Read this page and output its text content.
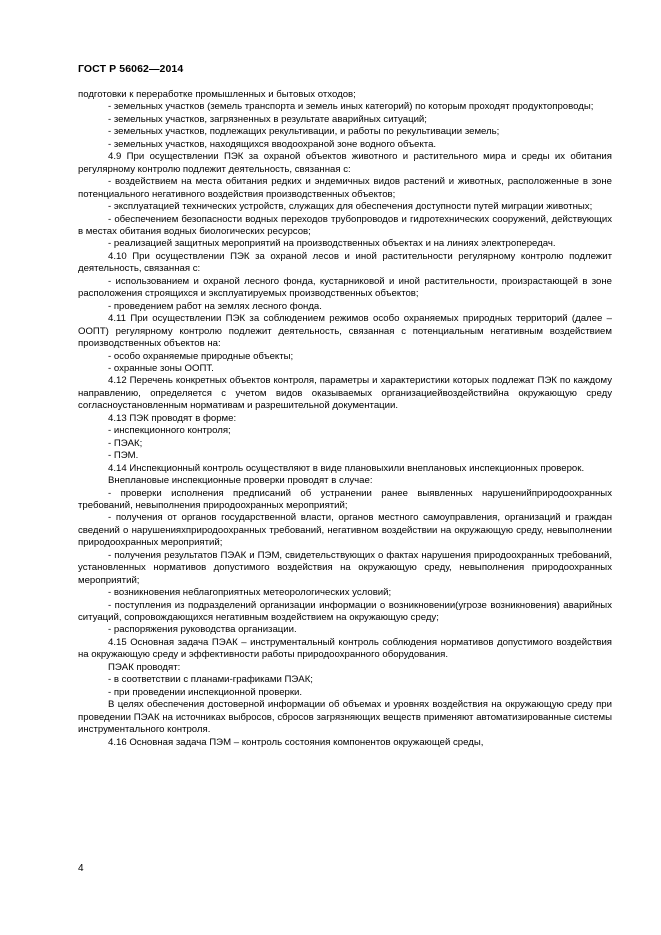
ГОСТ Р 56062—2014

подготовки к переработке промышленных и бытовых отходов;

- земельных участков (земель транспорта и земель иных категорий) по которым проходят продуктопроводы;

- земельных участков, загрязненных в результате аварийных ситуаций;

- земельных участков, подлежащих рекультивации, и работы по рекультивации земель;

- земельных участков, находящихся вводоохраной зоне водного объекта.

4.9 При осуществлении ПЭК за охраной объектов животного и растительного мира и среды их обитания регулярному контролю подлежит деятельность, связанная с:

- воздействием на места обитания редких и эндемичных видов растений и животных, расположенные в зоне потенциального негативного воздействия производственных объектов;

- эксплуатацией технических устройств, служащих для обеспечения доступности путей миграции животных;

- обеспечением безопасности водных переходов трубопроводов и гидротехнических сооружений, действующих в местах обитания водных биологических ресурсов;

- реализацией защитных мероприятий на производственных объектах и на линиях электропередач.

4.10 При осуществлении ПЭК за охраной лесов и иной растительности регулярному контролю подлежит деятельность, связанная с:

- использованием и охраной лесного фонда, кустарниковой и иной растительности, произрастающей в зоне расположения строящихся и эксплуатируемых производственных объектов;

- проведением работ на землях лесного фонда.

4.11 При осуществлении ПЭК за соблюдением режимов особо охраняемых природных территорий (далее – ООПТ) регулярному контролю подлежит деятельность, связанная с потенциальным негативным воздействием производственных объектов на:

- особо охраняемые природные объекты;

- охранные зоны ООПТ.

4.12 Перечень конкретных объектов контроля, параметры и характеристики которых подлежат ПЭК по каждому направлению, определяется с учетом видов оказываемых организациейвоздействийна окружающую среду согласноустановленным нормативам и разрешительной документации.

4.13 ПЭК проводят в форме:

- инспекционного контроля;

- ПЭАК;

- ПЭМ.

4.14 Инспекционный контроль осуществляют в виде плановыхили внеплановых инспекционных проверок.

Внеплановые инспекционные проверки проводят в случае:

- проверки исполнения предписаний об устранении ранее выявленных нарушенийприродоохранных требований, невыполнения природоохранных мероприятий;

- получения от органов государственной власти, органов местного самоуправления, организаций и граждан сведений о нарушенияхприродоохранных требований, негативном воздействии на окружающую среду, невыполнении природоохранных мероприятий;

- получения результатов ПЭАК и ПЭМ, свидетельствующих о фактах нарушения природоохранных требований, установленных нормативов допустимого воздействия на окружающую среду, невыполнения природоохранных мероприятий;

- возникновения неблагоприятных метеорологических условий;

- поступления из подразделений организации информации о возникновении(угрозе возникновения) аварийных ситуаций, сопровождающихся негативным воздействием на окружающую среду;

- распоряжения руководства организации.

4.15 Основная задача ПЭАК – инструментальный контроль соблюдения нормативов допустимого воздействия на окружающую среду и эффективности работы природоохранного оборудования.

ПЭАК проводят:

- в соответствии с планами-графиками ПЭАК;

- при проведении инспекционной проверки.

В целях обеспечения достоверной информации об объемах и уровнях воздействия на окружающую среду при проведении ПЭАК на источниках выбросов, сбросов загрязняющих веществ применяют автоматизированные системы инструментального контроля.

4.16 Основная задача ПЭМ – контроль состояния компонентов окружающей среды,

4
